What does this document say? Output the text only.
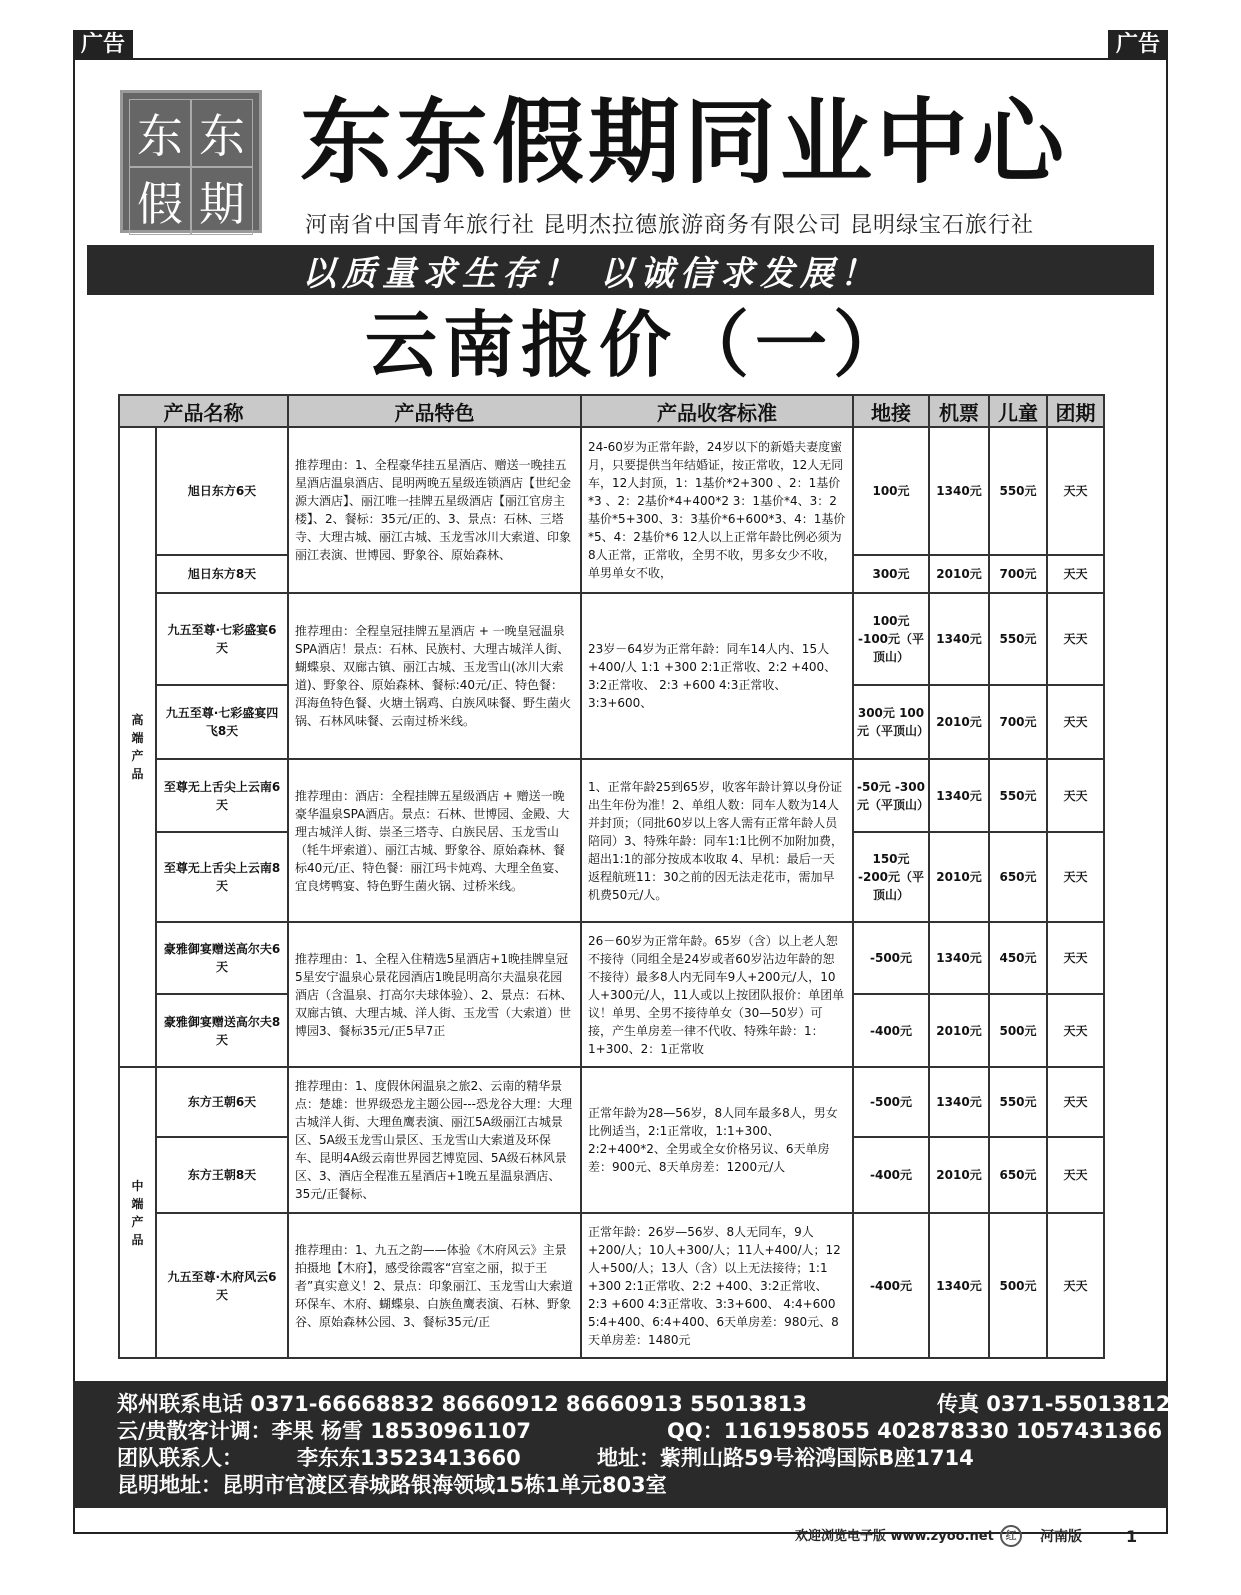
广告	广告
东 东
假 期
东东假期同业中心
河南省中国青年旅行社 昆明杰拉德旅游商务有限公司 昆明绿宝石旅行社
以质量求生存！ 以诚信求发展！
云南报价（一）
产品名称		产品特色	产品收客标准	地接	机票	儿童	团期

高端产品	旭日东方6天	推荐理由：1、全程豪华挂五星酒店、赠送一晚挂五星酒店温泉酒店、昆明两晚五星级连锁酒店【世纪金源大酒店】、丽江唯一挂牌五星级酒店【丽江官房主楼】、2、餐标：35元/正的、3、景点：石林、三塔寺、大理古城、丽江古城、玉龙雪冰川大索道、印象丽江表演、世博园、野象谷、原始森林、	24-60岁为正常年龄，24岁以下的新婚夫妻度蜜月，只要提供当年结婚证，按正常收，12人无同车，12人封顶，1：1基价*2+300 、2：1基价*3 、2：2基价*4+400*2 3：1基价*4、3：2基价*5+300、3：3基价*6+600*3、4：1基价*5、4：2基价*6 12人以上正常年龄比例必须为8人正常，正常收，全男不收，男多女少不收，单男单女不收，	100元	1340元	550元	天天
	旭日东方8天			300元	2010元	700元	天天
	九五至尊·七彩盛宴6天	推荐理由：全程皇冠挂牌五星酒店 + 一晚皇冠温泉SPA酒店！景点：石林、民族村、大理古城洋人街、蝴蝶泉、双廊古镇、丽江古城、玉龙雪山(冰川大索道)、野象谷、原始森林、餐标:40元/正、特色餐：洱海鱼特色餐、火塘土锅鸡、白族风味餐、野生菌火锅、石林风味餐、云南过桥米线。	23岁－64岁为正常年龄：同车14人内、15人+400/人 1:1 +300 2:1正常收、2:2 +400、3:2正常收、 2:3 +600 4:3正常收、 3:3+600、	100元 -100元（平顶山）	1340元	550元	天天
	九五至尊·七彩盛宴四飞8天			300元 100元（平顶山）	2010元	700元	天天
	至尊无上舌尖上云南6天	推荐理由：酒店：全程挂牌五星级酒店 + 赠送一晚豪华温泉SPA酒店。景点：石林、世博园、金殿、大理古城洋人街、崇圣三塔寺、白族民居、玉龙雪山（牦牛坪索道）、丽江古城、野象谷、原始森林、餐标40元/正、特色餐：丽江玛卡炖鸡、大理全鱼宴、宜良烤鸭宴、特色野生菌火锅、过桥米线。	1、正常年龄25到65岁，收客年龄计算以身份证出生年份为准！2、单组人数：同车人数为14人并封顶；（同批60岁以上客人需有正常年龄人员陪同）3、特殊年龄：同车1:1比例不加附加费，超出1:1的部分按成本收取 4、早机：最后一天返程航班11：30之前的因无法走花市，需加早机费50元/人。	-50元 -300元（平顶山）	1340元	550元	天天
	至尊无上舌尖上云南8天			150元 -200元（平顶山）	2010元	650元	天天
	豪雅御宴赠送高尔夫6天	推荐理由：1、全程入住精选5星酒店+1晚挂牌皇冠5星安宁温泉心景花园酒店1晚昆明高尔夫温泉花园酒店（含温泉、打高尔夫球体验）、2、景点：石林、双廊古镇、大理古城、洋人街、玉龙雪（大索道）世博园3、餐标35元/正5早7正	26－60岁为正常年龄。65岁（含）以上老人恕不接待（同组全是24岁或者60岁沾边年龄的恕不接待）最多8人内无同车9人+200元/人，10人+300元/人，11人或以上按团队报价：单团单议！单男、全男不接待单女（30—50岁）可接，产生单房差一律不代收、特殊年龄：1：1+300、2：1正常收	-500元	1340元	450元	天天
	豪雅御宴赠送高尔夫8天			-400元	2010元	500元	天天

中端产品	东方王朝6天	推荐理由：1、度假休闲温泉之旅2、云南的精华景点：楚雄：世界级恐龙主题公园---恐龙谷大理：大理古城洋人街、大理鱼鹰表演、丽江5A级丽江古城景区、5A级玉龙雪山景区、玉龙雪山大索道及环保车、昆明4A级云南世界园艺博览园、5A级石林风景区、3、酒店全程准五星酒店+1晚五星温泉酒店、35元/正餐标、	正常年龄为28—56岁，8人同车最多8人，男女比例适当，2:1正常收，1:1+300、2:2+400*2、全男或全女价格另议、6天单房差：900元、8天单房差：1200元/人	-500元	1340元	550元	天天
	东方王朝8天			-400元	2010元	650元	天天
	九五至尊·木府风云6天	推荐理由：1、九五之韵——体验《木府风云》主景拍摄地【木府】，感受徐霞客“宫室之丽，拟于王者”真实意义！2、景点：印象丽江、玉龙雪山大索道环保车、木府、蝴蝶泉、白族鱼鹰表演、石林、野象谷、原始森林公园、3、餐标35元/正	正常年龄：26岁—56岁、8人无同车，9人+200/人；10人+300/人；11人+400/人；12人+500/人；13人（含）以上无法接待；1:1 +300 2:1正常收、2:2 +400、3:2正常收、 2:3 +600 4:3正常收、3:3+600、 4:4+600 5:4+400、6:4+400、6天单房差：980元、8天单房差：1480元	-400元	1340元	500元	天天
郑州联系电话 0371-66668832 86660912 86660913 55013813	传真 0371-55013812
云/贵散客计调：李果 杨雪 18530961107	QQ：1161958055 402878330 1057431366
团队联系人：	李东东13523413660	地址：紫荆山路59号裕鸿国际B座1714
昆明地址：昆明市官渡区春城路银海领域15栋1单元803室
欢迎浏览电子版 www.zyoo.net	红	河南版	1
